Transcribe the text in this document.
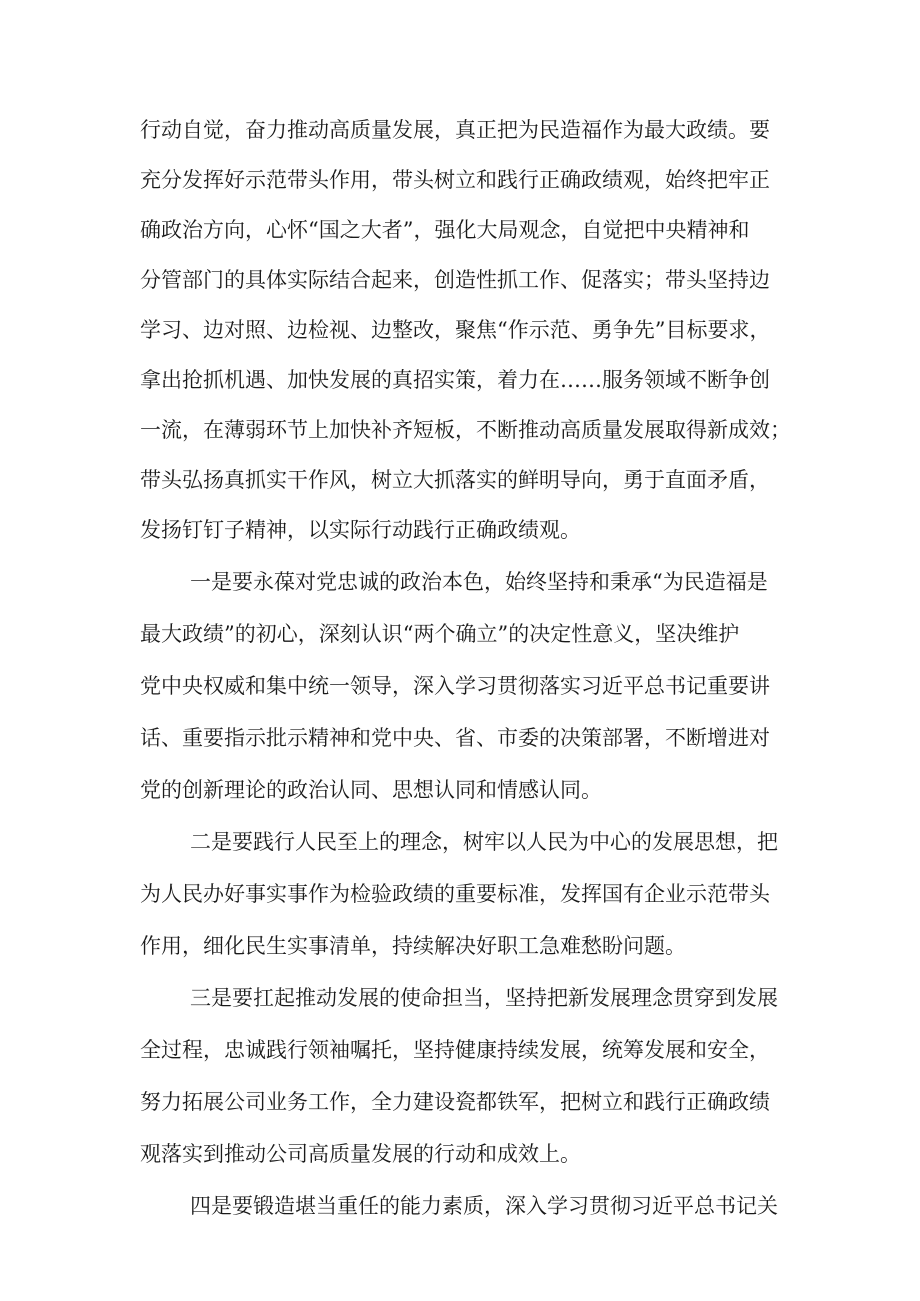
行动自觉，奋力推动高质量发展，真正把为民造福作为最大政绩。要
充分发挥好示范带头作用，带头树立和践行正确政绩观，始终把牢正
确政治方向，心怀“国之大者”，强化大局观念，自觉把中央精神和
分管部门的具体实际结合起来，创造性抓工作、促落实；带头坚持边
学习、边对照、边检视、边整改，聚焦“作示范、勇争先”目标要求，
拿出抢抓机遇、加快发展的真招实策，着力在……服务领域不断争创
一流，在薄弱环节上加快补齐短板，不断推动高质量发展取得新成效；
带头弘扬真抓实干作风，树立大抓落实的鲜明导向，勇于直面矛盾，
发扬钉钉子精神，以实际行动践行正确政绩观。
一是要永葆对党忠诚的政治本色，始终坚持和秉承“为民造福是
最大政绩”的初心，深刻认识“两个确立”的决定性意义，坚决维护
党中央权威和集中统一领导，深入学习贯彻落实习近平总书记重要讲
话、重要指示批示精神和党中央、省、市委的决策部署，不断增进对
党的创新理论的政治认同、思想认同和情感认同。
二是要践行人民至上的理念，树牢以人民为中心的发展思想，把
为人民办好事实事作为检验政绩的重要标准，发挥国有企业示范带头
作用，细化民生实事清单，持续解决好职工急难愁盼问题。
三是要扛起推动发展的使命担当，坚持把新发展理念贯穿到发展
全过程，忠诚践行领袖嘱托，坚持健康持续发展，统筹发展和安全，
努力拓展公司业务工作，全力建设瓷都铁军，把树立和践行正确政绩
观落实到推动公司高质量发展的行动和成效上。
四是要锻造堪当重任的能力素质，深入学习贯彻习近平总书记关
